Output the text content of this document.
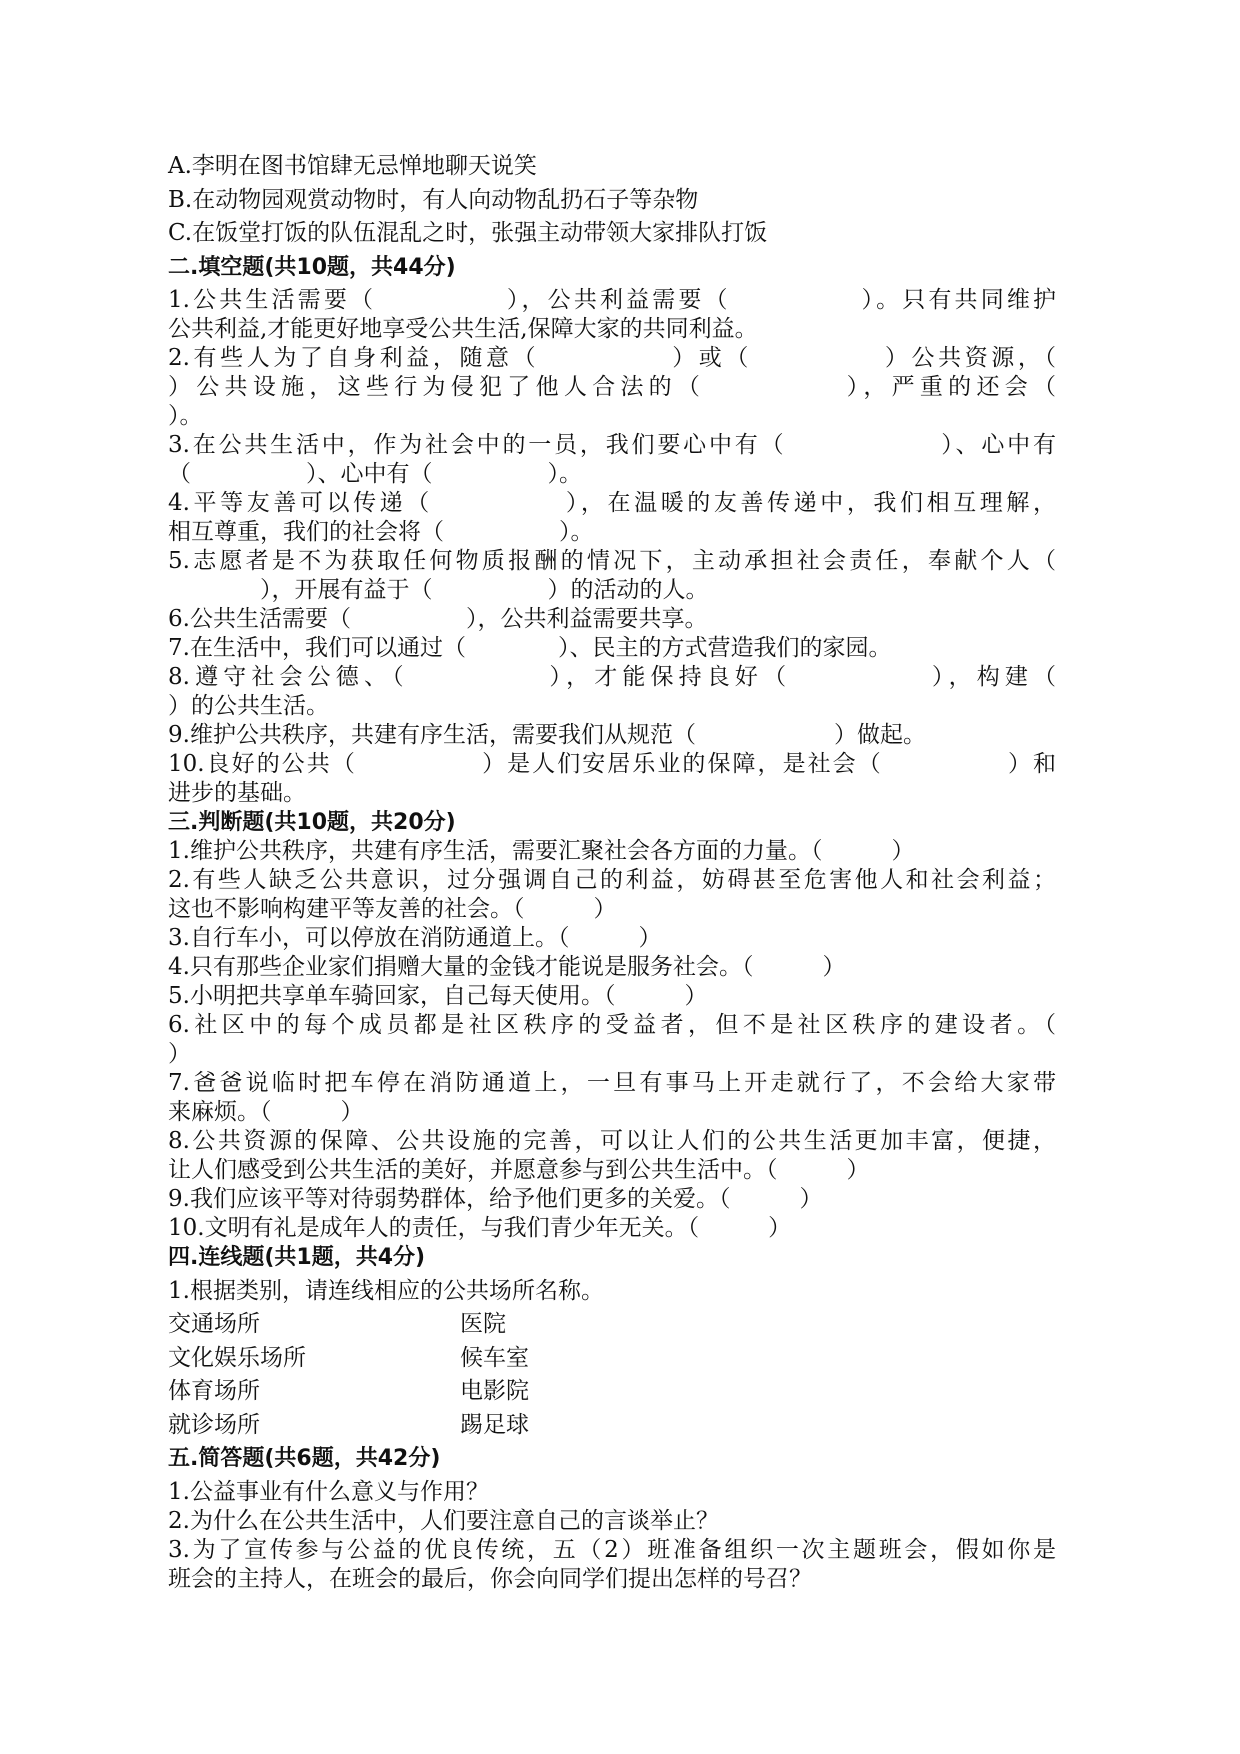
A.李明在图书馆肆无忌惮地聊天说笑
B.在动物园观赏动物时，有人向动物乱扔石子等杂物
C.在饭堂打饭的队伍混乱之时，张强主动带领大家排队打饭
二.填空题(共10题，共44分)
1.公共生活需要（　　　　　），公共利益需要（　　　　　）。只有共同维护
公共利益,才能更好地享受公共生活,保障大家的共同利益。
2.有些人为了自身利益，随意（　　　　　）或（　　　　　）公共资源，（
）公共设施，这些行为侵犯了他人合法的（　　　　　），严重的还会（
）。
3.在公共生活中，作为社会中的一员，我们要心中有（　　　　　　）、心中有
（　　　　　）、心中有（　　　　　）。
4.平等友善可以传递（　　　　　），在温暖的友善传递中，我们相互理解，
相互尊重，我们的社会将（　　　　　）。
5.志愿者是不为获取任何物质报酬的情况下，主动承担社会责任，奉献个人（
　　　　），开展有益于（　　　　　）的活动的人。
6.公共生活需要（　　　　　），公共利益需要共享。
7.在生活中，我们可以通过（　　　　）、民主的方式营造我们的家园。
8.遵守社会公德、（　　　　　），才能保持良好（　　　　　），构建（
）的公共生活。
9.维护公共秩序，共建有序生活，需要我们从规范（　　　　　　）做起。
10.良好的公共（　　　　　）是人们安居乐业的保障，是社会（　　　　　）和
进步的基础。
三.判断题(共10题，共20分)
1.维护公共秩序，共建有序生活，需要汇聚社会各方面的力量。（　　　）
2.有些人缺乏公共意识，过分强调自己的利益，妨碍甚至危害他人和社会利益；
这也不影响构建平等友善的社会。（　　　）
3.自行车小，可以停放在消防通道上。（　　　）
4.只有那些企业家们捐赠大量的金钱才能说是服务社会。（　　　）
5.小明把共享单车骑回家，自己每天使用。（　　　）
6.社区中的每个成员都是社区秩序的受益者，但不是社区秩序的建设者。（
）
7.爸爸说临时把车停在消防通道上，一旦有事马上开走就行了，不会给大家带
来麻烦。（　　　）
8.公共资源的保障、公共设施的完善，可以让人们的公共生活更加丰富，便捷，
让人们感受到公共生活的美好，并愿意参与到公共生活中。（　　　）
9.我们应该平等对待弱势群体，给予他们更多的关爱。（　　　）
10.文明有礼是成年人的责任，与我们青少年无关。（　　　）
四.连线题(共1题，共4分)
1.根据类别，请连线相应的公共场所名称。
交通场所	医院
文化娱乐场所	候车室
体育场所	电影院
就诊场所	踢足球
五.简答题(共6题，共42分)
1.公益事业有什么意义与作用？
2.为什么在公共生活中，人们要注意自己的言谈举止？
3.为了宣传参与公益的优良传统，五（2）班准备组织一次主题班会，假如你是
班会的主持人，在班会的最后，你会向同学们提出怎样的号召？
